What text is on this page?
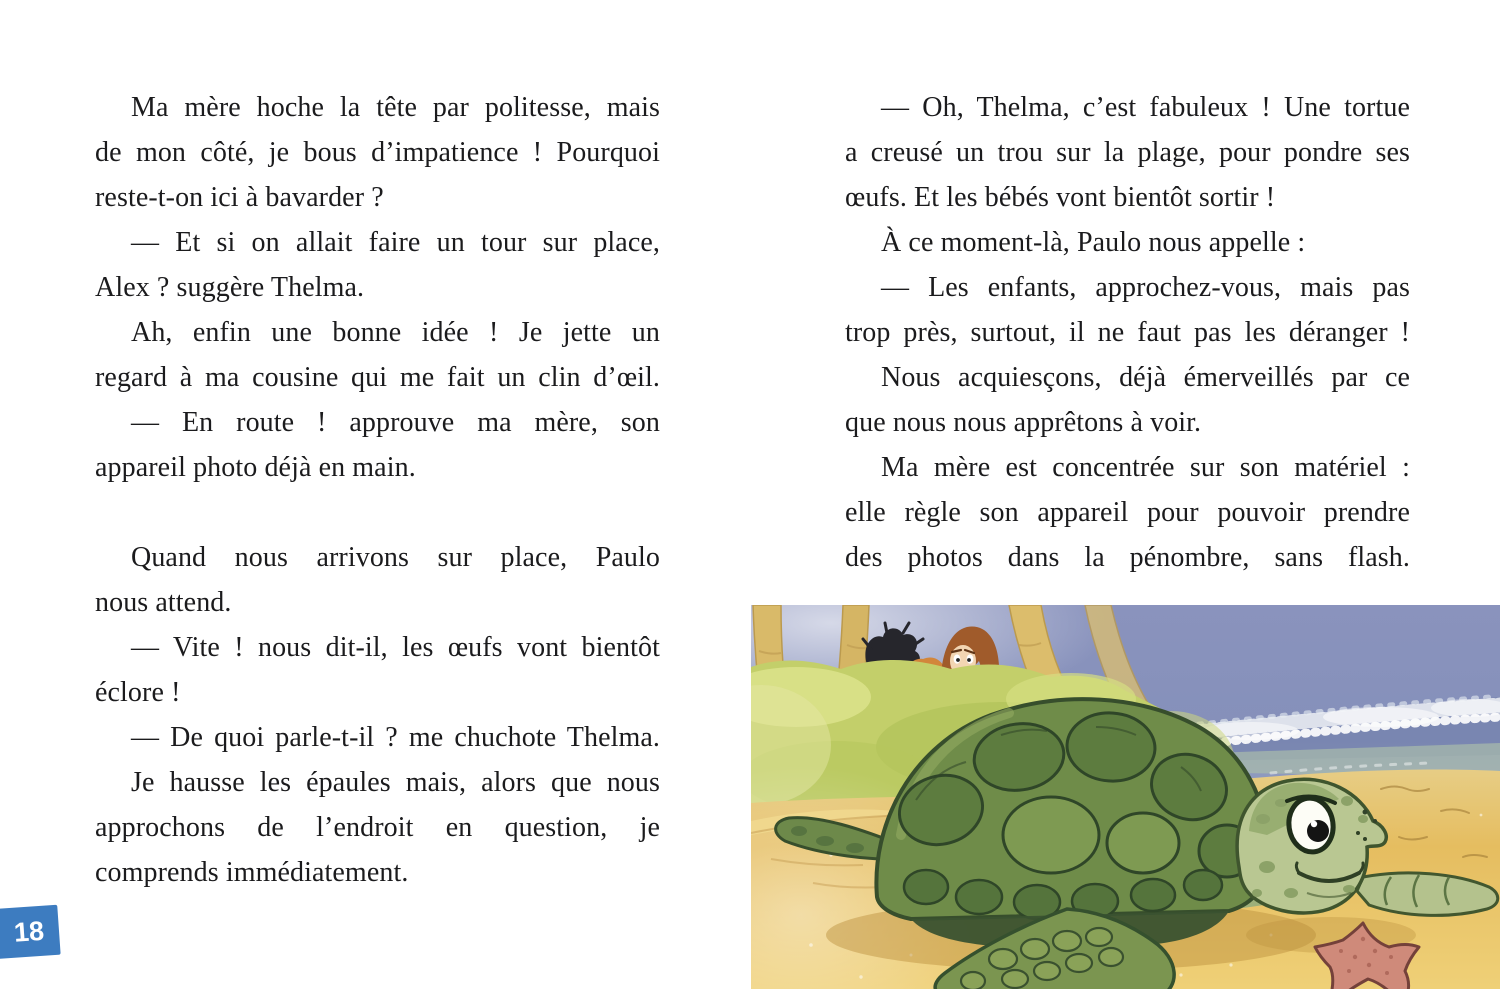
Ma mère hoche la tête par politesse, mais
de mon côté, je bous d’impatience ! Pourquoi
reste-t-on ici à bavarder ?
— Et si on allait faire un tour sur place,
Alex ? suggère Thelma.
Ah, enfin une bonne idée ! Je jette un
regard à ma cousine qui me fait un clin d’œil.
— En route ! approuve ma mère, son
appareil photo déjà en main.
Quand nous arrivons sur place, Paulo
nous attend.
— Vite ! nous dit-il, les œufs vont bientôt
éclore !
— De quoi parle-t-il ? me chuchote Thelma.
Je hausse les épaules mais, alors que nous
approchons de l’endroit en question, je
comprends immédiatement.
— Oh, Thelma, c’est fabuleux ! Une tortue
a creusé un trou sur la plage, pour pondre ses
œufs. Et les bébés vont bientôt sortir !
À ce moment-là, Paulo nous appelle :
— Les enfants, approchez-vous, mais pas
trop près, surtout, il ne faut pas les déranger !
Nous acquiesçons, déjà émerveillés par ce
que nous nous apprêtons à voir.
Ma mère est concentrée sur son matériel :
elle règle son appareil pour pouvoir prendre
des photos dans la pénombre, sans flash.
18
